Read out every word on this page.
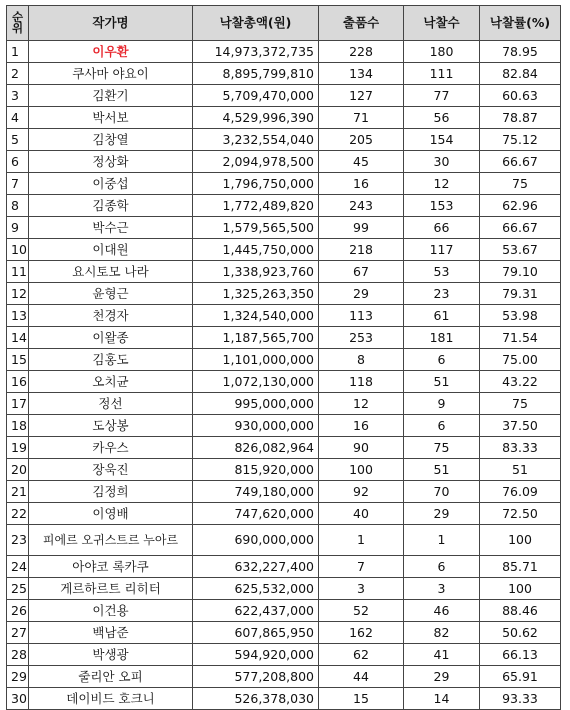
순위	작가명	낙찰총액(원)	출품수	낙찰수	낙찰률(%)
1	이우환	14,973,372,735	228	180	78.95
2	쿠사마 야요이	8,895,799,810	134	111	82.84
3	김환기	5,709,470,000	127	77	60.63
4	박서보	4,529,996,390	71	56	78.87
5	김창열	3,232,554,040	205	154	75.12
6	정상화	2,094,978,500	45	30	66.67
7	이중섭	1,796,750,000	16	12	75
8	김종학	1,772,489,820	243	153	62.96
9	박수근	1,579,565,500	99	66	66.67
10	이대원	1,445,750,000	218	117	53.67
11	요시토모 나라	1,338,923,760	67	53	79.10
12	윤형근	1,325,263,350	29	23	79.31
13	천경자	1,324,540,000	113	61	53.98
14	이왈종	1,187,565,700	253	181	71.54
15	김홍도	1,101,000,000	8	6	75.00
16	오치균	1,072,130,000	118	51	43.22
17	정선	995,000,000	12	9	75
18	도상봉	930,000,000	16	6	37.50
19	카우스	826,082,964	90	75	83.33
20	장욱진	815,920,000	100	51	51
21	김정희	749,180,000	92	70	76.09
22	이영배	747,620,000	40	29	72.50
23	피에르 오귀스트르 누아르	690,000,000	1	1	100
24	아야코 록카쿠	632,227,400	7	6	85.71
25	게르하르트 리히터	625,532,000	3	3	100
26	이건용	622,437,000	52	46	88.46
27	백남준	607,865,950	162	82	50.62
28	박생광	594,920,000	62	41	66.13
29	줄리안 오피	577,208,800	44	29	65.91
30	데이비드 호크니	526,378,030	15	14	93.33
